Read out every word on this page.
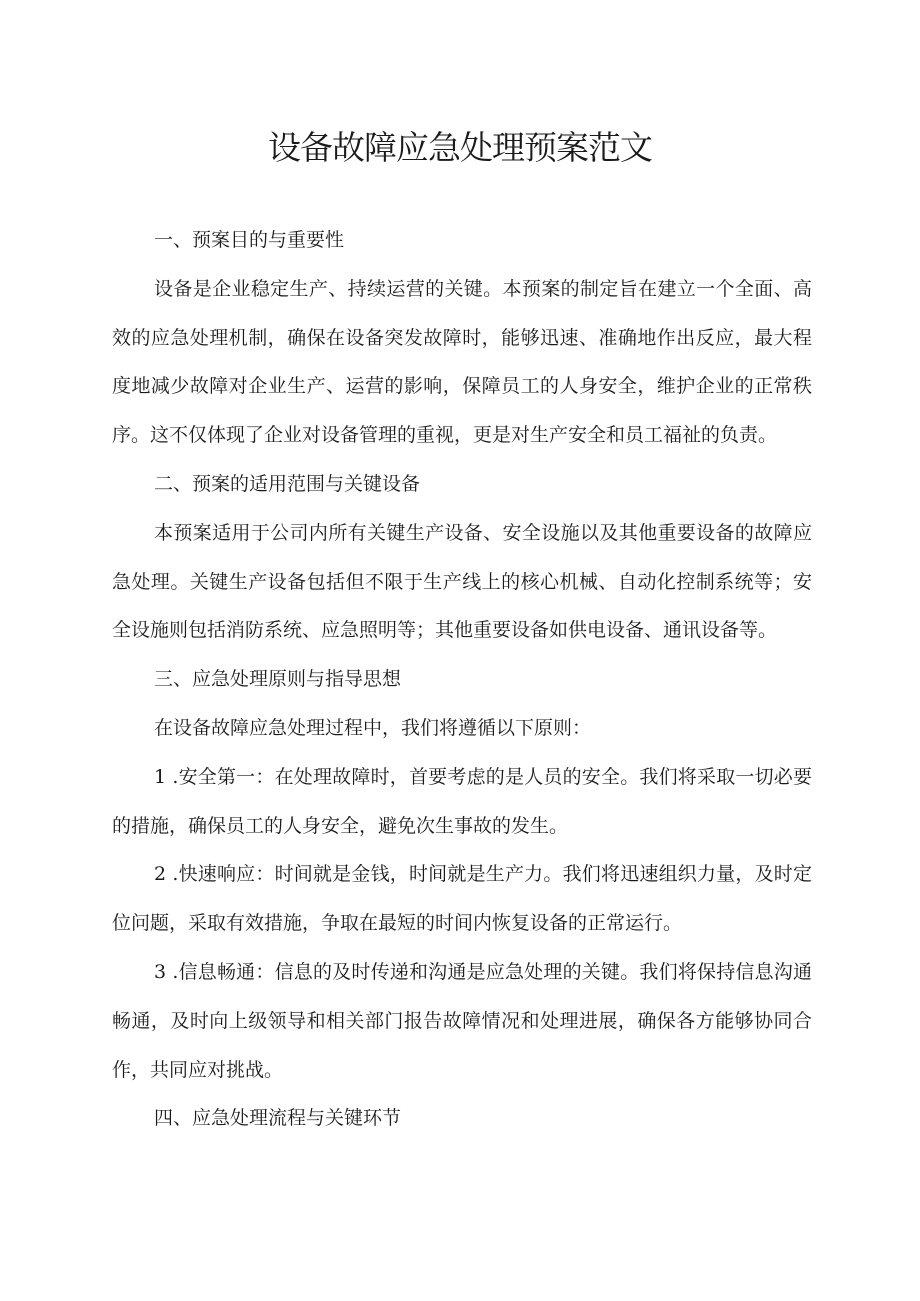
设备故障应急处理预案范文

一、预案目的与重要性

设备是企业稳定生产、持续运营的关键。本预案的制定旨在建立一个全面、高效的应急处理机制，确保在设备突发故障时，能够迅速、准确地作出反应，最大程度地减少故障对企业生产、运营的影响，保障员工的人身安全，维护企业的正常秩序。这不仅体现了企业对设备管理的重视，更是对生产安全和员工福祉的负责。

二、预案的适用范围与关键设备

本预案适用于公司内所有关键生产设备、安全设施以及其他重要设备的故障应急处理。关键生产设备包括但不限于生产线上的核心机械、自动化控制系统等；安全设施则包括消防系统、应急照明等；其他重要设备如供电设备、通讯设备等。

三、应急处理原则与指导思想

在设备故障应急处理过程中，我们将遵循以下原则：

1 .安全第一：在处理故障时，首要考虑的是人员的安全。我们将采取一切必要的措施，确保员工的人身安全，避免次生事故的发生。

2 .快速响应：时间就是金钱，时间就是生产力。我们将迅速组织力量，及时定位问题，采取有效措施，争取在最短的时间内恢复设备的正常运行。

3 .信息畅通：信息的及时传递和沟通是应急处理的关键。我们将保持信息沟通畅通，及时向上级领导和相关部门报告故障情况和处理进展，确保各方能够协同合作，共同应对挑战。

四、应急处理流程与关键环节
